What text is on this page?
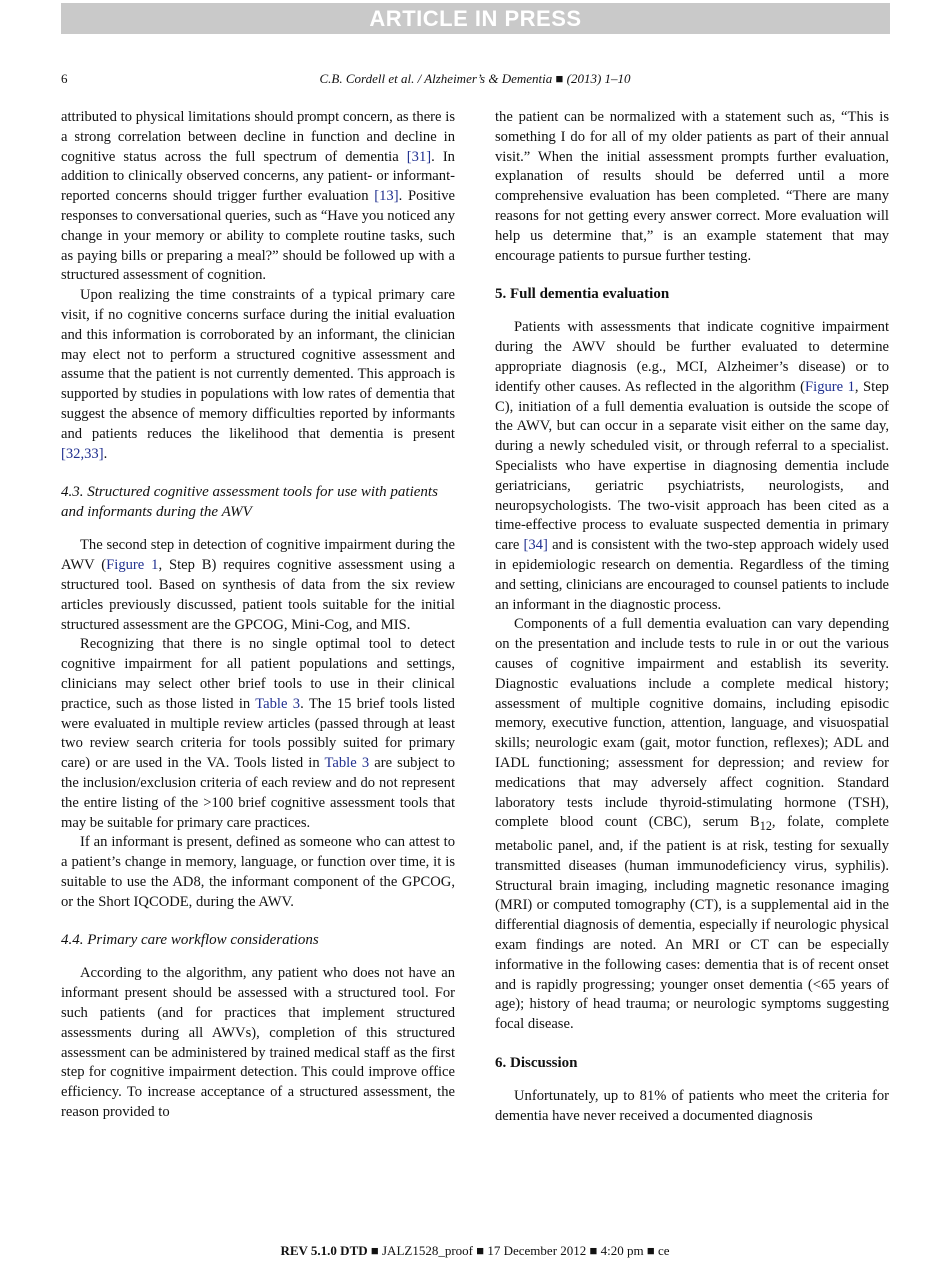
ARTICLE IN PRESS
6	C.B. Cordell et al. / Alzheimer’s & Dementia ■ (2013) 1–10

attributed to physical limitations should prompt concern, as there is a strong correlation between decline in function and decline in cognitive status across the full spectrum of dementia [31]. In addition to clinically observed concerns, any patient- or informant-reported concerns should trigger further evaluation [13]. Positive responses to conversational queries, such as “Have you noticed any change in your memory or ability to complete routine tasks, such as paying bills or preparing a meal?” should be followed up with a structured assessment of cognition.

Upon realizing the time constraints of a typical primary care visit, if no cognitive concerns surface during the initial evaluation and this information is corroborated by an informant, the clinician may elect not to perform a structured cognitive assessment and assume that the patient is not currently demented. This approach is supported by studies in populations with low rates of dementia that suggest the absence of memory difficulties reported by informants and patients reduces the likelihood that dementia is present [32,33].

4.3. Structured cognitive assessment tools for use with patients and informants during the AWV

The second step in detection of cognitive impairment during the AWV (Figure 1, Step B) requires cognitive assessment using a structured tool. Based on synthesis of data from the six review articles previously discussed, patient tools suitable for the initial structured assessment are the GPCOG, Mini-Cog, and MIS.

Recognizing that there is no single optimal tool to detect cognitive impairment for all patient populations and settings, clinicians may select other brief tools to use in their clinical practice, such as those listed in Table 3. The 15 brief tools listed were evaluated in multiple review articles (passed through at least two review search criteria for tools possibly suited for primary care) or are used in the VA. Tools listed in Table 3 are subject to the inclusion/exclusion criteria of each review and do not represent the entire listing of the >100 brief cognitive assessment tools that may be suitable for primary care practices.

If an informant is present, defined as someone who can attest to a patient’s change in memory, language, or function over time, it is suitable to use the AD8, the informant component of the GPCOG, or the Short IQCODE, during the AWV.

4.4. Primary care workflow considerations

According to the algorithm, any patient who does not have an informant present should be assessed with a structured tool. For such patients (and for practices that implement structured assessments during all AWVs), completion of this structured assessment can be administered by trained medical staff as the first step for cognitive impairment detection. This could improve office efficiency. To increase acceptance of a structured assessment, the reason provided to

the patient can be normalized with a statement such as, “This is something I do for all of my older patients as part of their annual visit.” When the initial assessment prompts further evaluation, explanation of results should be deferred until a more comprehensive evaluation has been completed. “There are many reasons for not getting every answer correct. More evaluation will help us determine that,” is an example statement that may encourage patients to pursue further testing.

5. Full dementia evaluation

Patients with assessments that indicate cognitive impairment during the AWV should be further evaluated to determine appropriate diagnosis (e.g., MCI, Alzheimer’s disease) or to identify other causes. As reflected in the algorithm (Figure 1, Step C), initiation of a full dementia evaluation is outside the scope of the AWV, but can occur in a separate visit either on the same day, during a newly scheduled visit, or through referral to a specialist. Specialists who have expertise in diagnosing dementia include geriatricians, geriatric psychiatrists, neurologists, and neuropsychologists. The two-visit approach has been cited as a time-effective process to evaluate suspected dementia in primary care [34] and is consistent with the two-step approach widely used in epidemiologic research on dementia. Regardless of the timing and setting, clinicians are encouraged to counsel patients to include an informant in the diagnostic process.

Components of a full dementia evaluation can vary depending on the presentation and include tests to rule in or out the various causes of cognitive impairment and establish its severity. Diagnostic evaluations include a complete medical history; assessment of multiple cognitive domains, including episodic memory, executive function, attention, language, and visuospatial skills; neurologic exam (gait, motor function, reflexes); ADL and IADL functioning; assessment for depression; and review for medications that may adversely affect cognition. Standard laboratory tests include thyroid-stimulating hormone (TSH), complete blood count (CBC), serum $B_{12}$, folate, complete metabolic panel, and, if the patient is at risk, testing for sexually transmitted diseases (human immunodeficiency virus, syphilis). Structural brain imaging, including magnetic resonance imaging (MRI) or computed tomography (CT), is a supplemental aid in the differential diagnosis of dementia, especially if neurologic physical exam findings are noted. An MRI or CT can be especially informative in the following cases: dementia that is of recent onset and is rapidly progressing; younger onset dementia (<65 years of age); history of head trauma; or neurologic symptoms suggesting focal disease.

6. Discussion

Unfortunately, up to 81% of patients who meet the criteria for dementia have never received a documented diagnosis

REV 5.1.0 DTD ■ JALZ1528_proof ■ 17 December 2012 ■ 4:20 pm ■ ce
